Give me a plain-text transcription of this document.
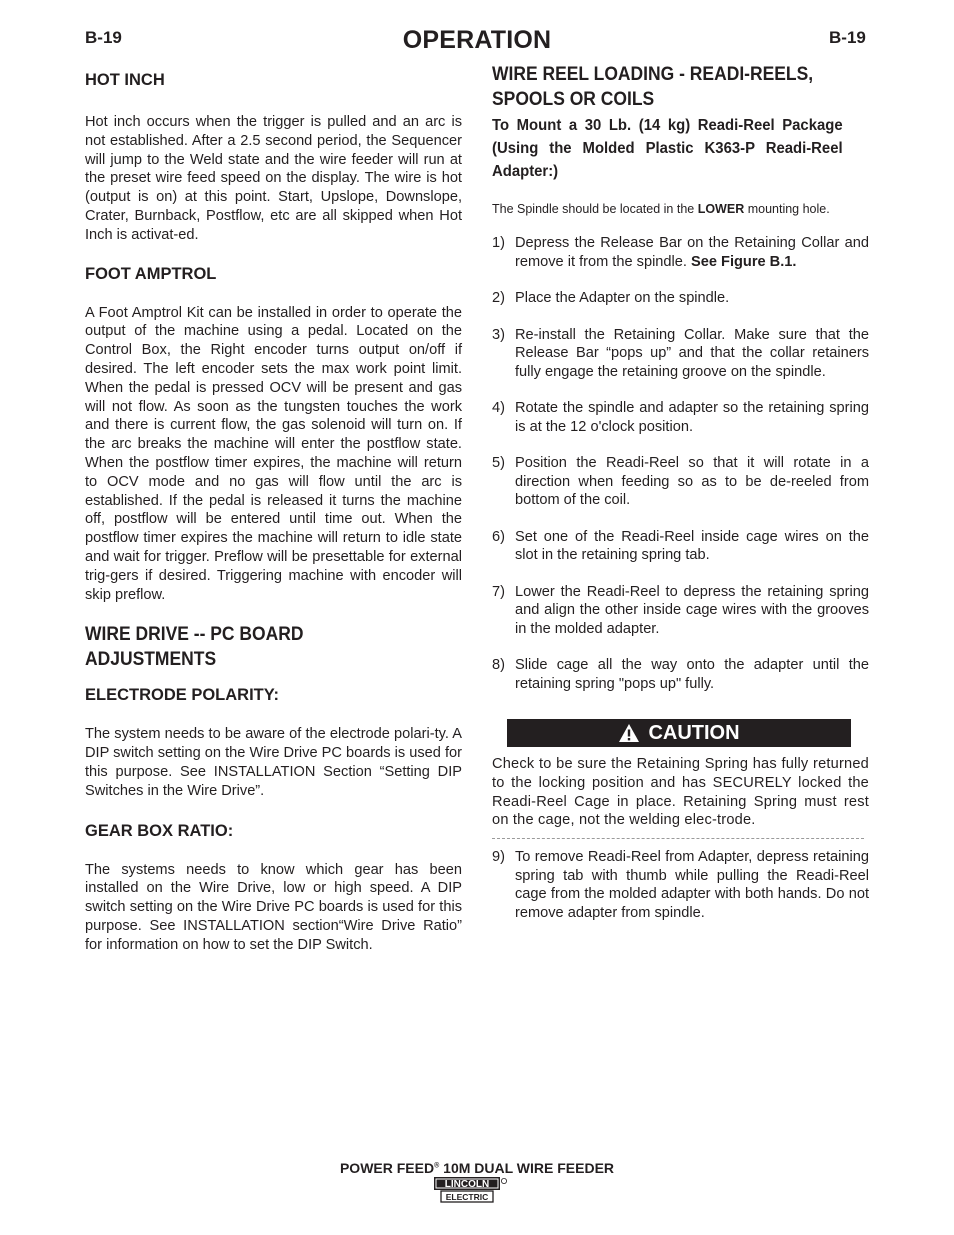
B-19	OPERATION	B-19
HOT INCH

Hot inch occurs when the trigger is pulled and an arc is not established. After a 2.5 second period, the Sequencer will jump to the Weld state and the wire feeder will run at the preset wire feed speed on the display. The wire is hot (output is on) at this point. Start, Upslope, Downslope, Crater, Burnback, Postflow, etc are all skipped when Hot Inch is activat-ed.

FOOT AMPTROL

A Foot Amptrol Kit can be installed in order to operate the output of the machine using a pedal. Located on the Control Box, the Right encoder turns output on/off if desired. The left encoder sets the max work point limit. When the pedal is pressed OCV will be present and gas will not flow. As soon as the tungsten touches the work and there is current flow, the gas solenoid will turn on. If the arc breaks the machine will enter the postflow state. When the postflow timer expires, the machine will return to OCV mode and no gas will flow until the arc is established. If the pedal is released it turns the machine off, postflow will be entered until time out. When the postflow timer expires the machine will return to idle state and wait for trigger. Preflow will be presettable for external trig-gers if desired. Triggering machine with encoder will skip preflow.

WIRE DRIVE -- PC BOARD ADJUSTMENTS
ELECTRODE POLARITY:

The system needs to be aware of the electrode polari-ty. A DIP switch setting on the Wire Drive PC boards is used for this purpose. See INSTALLATION Section “Setting DIP Switches in the Wire Drive”.

GEAR BOX RATIO:

The systems needs to know which gear has been installed on the Wire Drive, low or high speed. A DIP switch setting on the Wire Drive PC boards is used for this purpose. See INSTALLATION section“Wire Drive Ratio” for information on how to set the DIP Switch.

WIRE REEL LOADING - READI-REELS,
SPOOLS OR COILS

To Mount a 30 Lb. (14 kg) Readi-Reel Package (Using the Molded Plastic K363-P Readi-Reel Adapter:)

The Spindle should be located in the LOWER mounting hole.

1) Depress the Release Bar on the Retaining Collar and remove it from the spindle. See Figure B.1.
2) Place the Adapter on the spindle.
3) Re-install the Retaining Collar. Make sure that the Release Bar “pops up” and that the collar retainers fully engage the retaining groove on the spindle.
4) Rotate the spindle and adapter so the retaining spring is at the 12 o'clock position.
5) Position the Readi-Reel so that it will rotate in a direction when feeding so as to be de-reeled from bottom of the coil.
6) Set one of the Readi-Reel inside cage wires on the slot in the retaining spring tab.
7) Lower the Readi-Reel to depress the retaining spring and align the other inside cage wires with the grooves in the molded adapter.
8) Slide cage all the way onto the adapter until the retaining spring "pops up" fully.
CAUTION

Check to be sure the Retaining Spring has fully returned to the locking position and has SECURELY locked the Readi-Reel Cage in place. Retaining Spring must rest on the cage, not the welding elec-trode.

9) To remove Readi-Reel from Adapter, depress retaining spring tab with thumb while pulling the Readi-Reel cage from the molded adapter with both hands. Do not remove adapter from spindle.
POWER FEED® 10M DUAL WIRE FEEDER
LINCOLN
ELECTRIC
